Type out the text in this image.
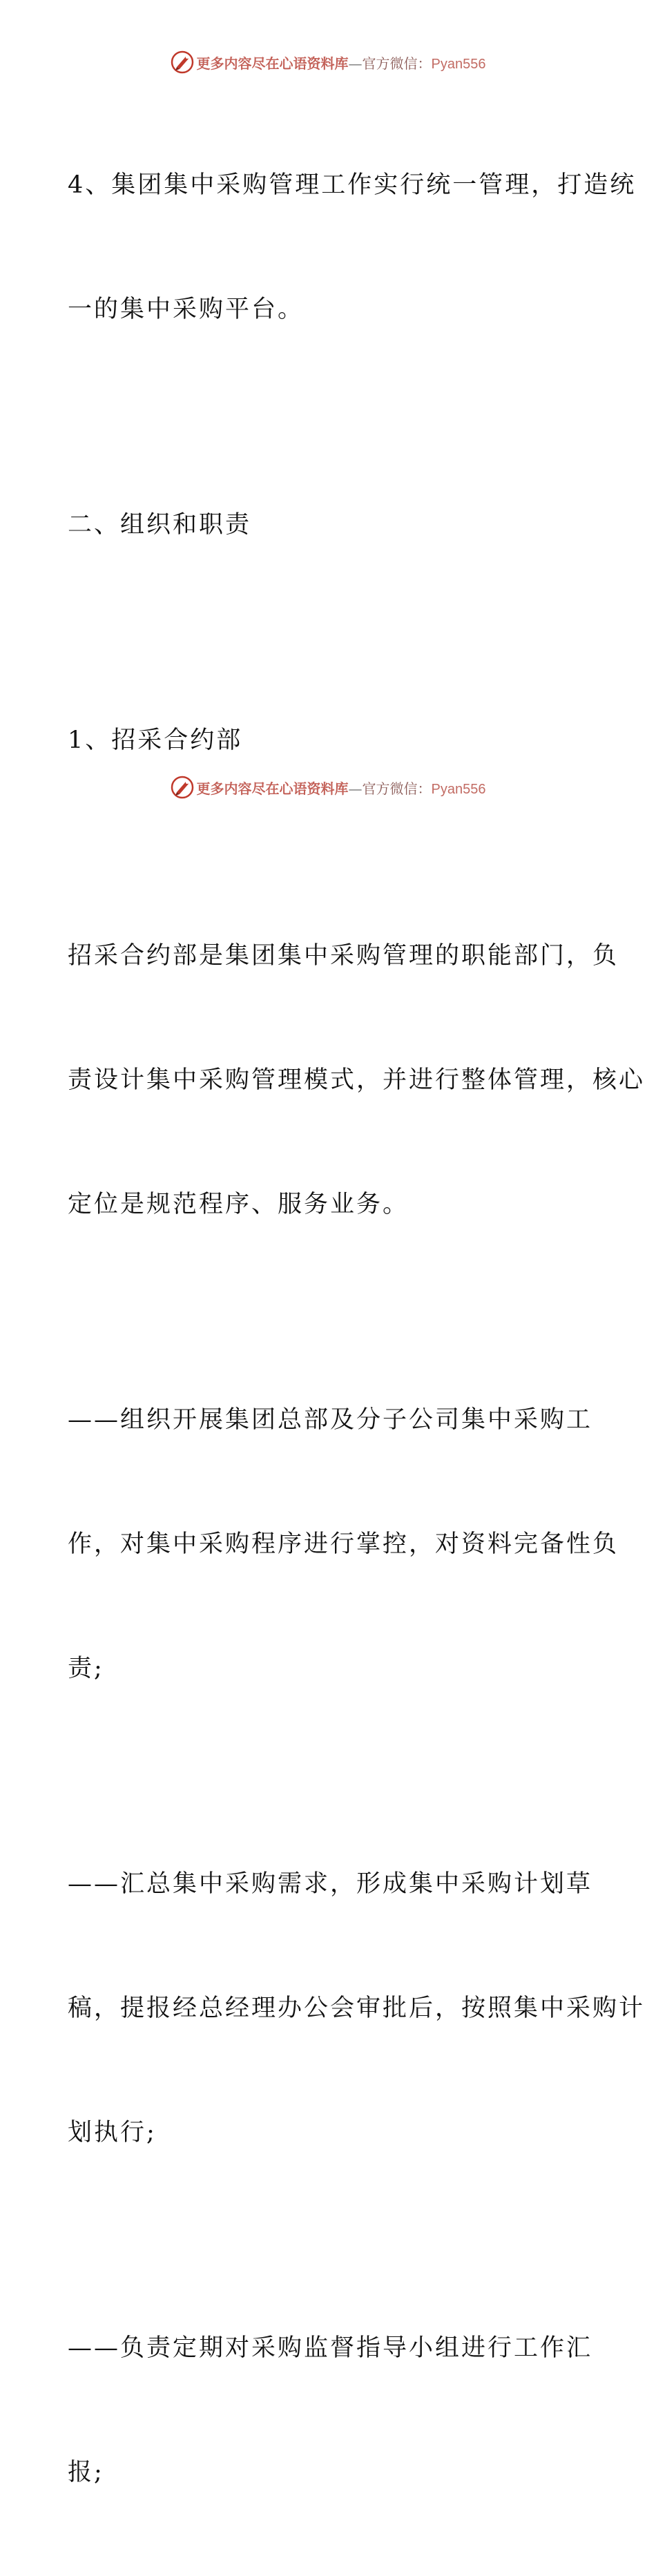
更多内容尽在心语资料库—官方微信：Pyan556

4、集团集中采购管理工作实行统一管理，打造统

一的集中采购平台。

二、组织和职责

1、招采合约部

招采合约部是集团集中采购管理的职能部门，负

责设计集中采购管理模式，并进行整体管理，核心

定位是规范程序、服务业务。

——组织开展集团总部及分子公司集中采购工

作，对集中采购程序进行掌控，对资料完备性负

责;

——汇总集中采购需求，形成集中采购计划草

稿，提报经总经理办公会审批后，按照集中采购计

划执行;

——负责定期对采购监督指导小组进行工作汇

报;

更多内容尽在心语资料库—官方微信：Pyan556
